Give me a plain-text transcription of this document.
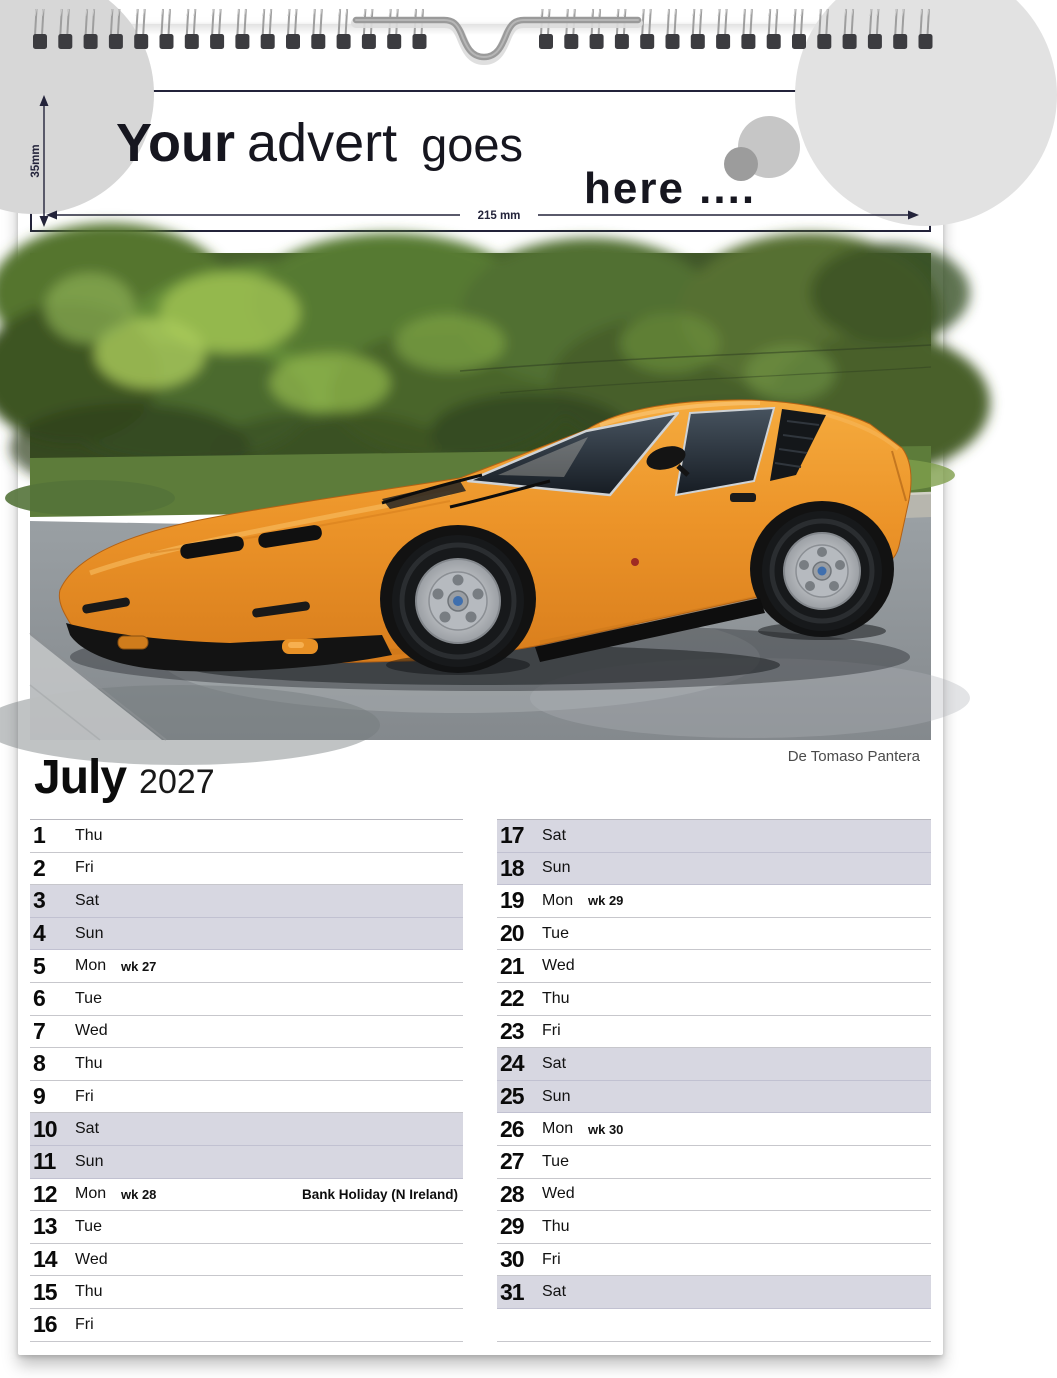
Your advert goes
here ....
35mm
215 mm
De Tomaso Pantera
July 2027
1	Thu
2	Fri
3	Sat
4	Sun
5	Mon	wk 27
6	Tue
7	Wed
8	Thu
9	Fri
10	Sat
11	Sun
12	Mon	wk 28	Bank Holiday (N Ireland)
13	Tue
14	Wed
15	Thu
16	Fri
17	Sat
18	Sun
19	Mon	wk 29
20	Tue
21	Wed
22	Thu
23	Fri
24	Sat
25	Sun
26	Mon	wk 30
27	Tue
28	Wed
29	Thu
30	Fri
31	Sat
